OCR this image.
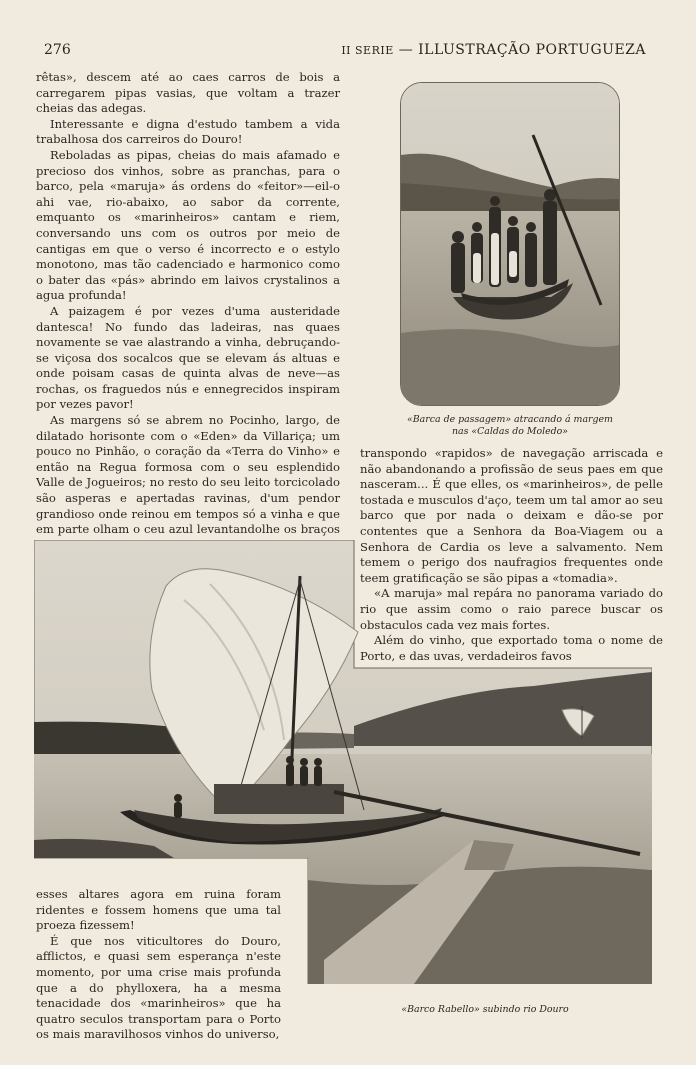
276	II SERIE — ILLUSTRAÇÃO PORTUGUEZA

rêtas», descem até ao caes carros de bois a carregarem pipas vasias, que voltam a trazer cheias das adegas.

Interessante e digna d'estudo tambem a vida trabalhosa dos carreiros do Douro!

Reboladas as pipas, cheias do mais afamado e precioso dos vinhos, sobre as pranchas, para o barco, pela «maruja» ás ordens do «feitor»—eil-o ahi vae, rio-abaixo, ao sabor da corrente, emquanto os «marinheiros» cantam e riem, conversando uns com os outros por meio de cantigas em que o verso é incorrecto e o estylo monotono, mas tão cadenciado e harmonico como o bater das «pás» abrindo em laivos crystalinos a agua profunda!

A paizagem é por vezes d'uma austeridade dantesca! No fundo das ladeiras, nas quaes novamente se vae alastrando a vinha, debruçando-se viçosa dos socalcos que se elevam ás altuas e onde poisam casas de quinta alvas de neve—as rochas, os fraguedos nús e ennegrecidos inspiram por vezes pavor!

As margens só se abrem no Pocinho, largo, de dilatado horisonte com o «Eden» da Villariça; um pouco no Pinhão, o coração da «Terra do Vinho» e então na Regua formosa com o seu esplendido Valle de Jogueiros; no resto do seu leito torcicolado são asperas e apertadas ravinas, d'um pendor grandioso onde reinou em tempos só a vinha e que em parte olham o ceu azul levantandolhe os braços

«Barca de passagem» atracando á margem nas «Caldas do Moledo»

transpondo «rapidos» de navegação arriscada e não abandonando a profissão de seus paes em que nasceram... É que elles, os «marinheiros», de pelle tostada e musculos d'aço, teem um tal amor ao seu barco que por nada o deixam e dão-se por contentes que a Senhora da Boa-Viagem ou a Senhora de Cardia os leve a salvamento. Nem temem o perigo dos naufragios frequentes onde teem gratificação se são pipas a «tomadia».

«A maruja» mal repára no panorama variado do rio que assim como o raio parece buscar os obstaculos cada vez mais fortes.

Além do vinho, que exportado toma o nome de Porto, e das uvas, verdadeiros favos

«Barco Rabello» subindo rio Douro

esses altares agora em ruina foram ridentes e fossem homens que uma tal proeza fizessem!

É que nos viticultores do Douro, afflictos, e quasi sem esperança n'este momento, por uma crise mais profunda que a do phylloxera, ha a mesma tenacidade dos «marinheiros» que ha quatro seculos transportam para o Porto os mais maravilhosos vinhos do universo,
